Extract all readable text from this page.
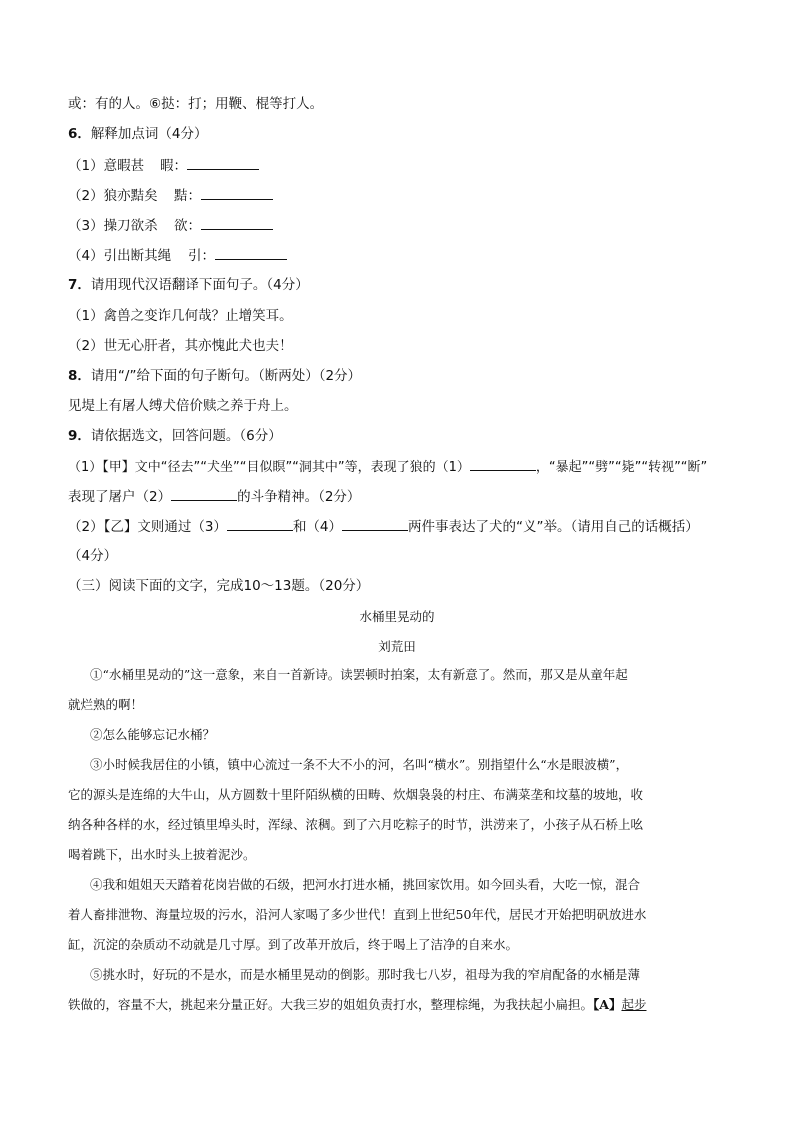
或：有的人。⑥挞：打；用鞭、棍等打人。
6．解释加点词（4分）
（1）意暇甚 暇：
（2）狼亦黠矣 黠：
（3）操刀欲杀 欲：
（4）引出断其绳 引：
7．请用现代汉语翻译下面句子。（4分）
（1）禽兽之变诈几何哉？止增笑耳。
（2）世无心肝者，其亦愧此犬也夫！
8．请用“/”给下面的句子断句。（断两处）（2分）
见堤上有屠人缚犬倍价赎之养于舟上。
9．请依据选文，回答问题。（6分）
（1）【甲】文中“径去”“犬坐”“目似瞑”“洞其中”等，表现了狼的（1）	，“暴起”“劈”“毙”“转视”“断”
表现了屠户（2）	的斗争精神。（2分）
（2）【乙】文则通过（3）	和（4）	两件事表达了犬的“义”举。（请用自己的话概括）
（4分）
（三）阅读下面的文字，完成10～13题。（20分）
水桶里晃动的
刘荒田
①“水桶里晃动的”这一意象，来自一首新诗。读罢顿时拍案，太有新意了。然而，那又是从童年起
就烂熟的啊！
②怎么能够忘记水桶？
③小时候我居住的小镇，镇中心流过一条不大不小的河，名叫“横水”。别指望什么“水是眼波横”，
它的源头是连绵的大牛山，从方圆数十里阡陌纵横的田畴、炊烟袅袅的村庄、布满菜垄和坟墓的坡地，收
纳各种各样的水，经过镇里埠头时，浑绿、浓稠。到了六月吃粽子的时节，洪涝来了，小孩子从石桥上吆
喝着跳下，出水时头上披着泥沙。
④我和姐姐天天踏着花岗岩做的石级，把河水打进水桶，挑回家饮用。如今回头看，大吃一惊，混合
着人畜排泄物、海量垃圾的污水，沿河人家喝了多少世代！直到上世纪50年代，居民才开始把明矾放进水
缸，沉淀的杂质动不动就是几寸厚。到了改革开放后，终于喝上了洁净的自来水。
⑤挑水时，好玩的不是水，而是水桶里晃动的倒影。那时我七八岁，祖母为我的窄肩配备的水桶是薄
铁做的，容量不大，挑起来分量正好。大我三岁的姐姐负责打水，整理棕绳，为我扶起小扁担。【A】起步
